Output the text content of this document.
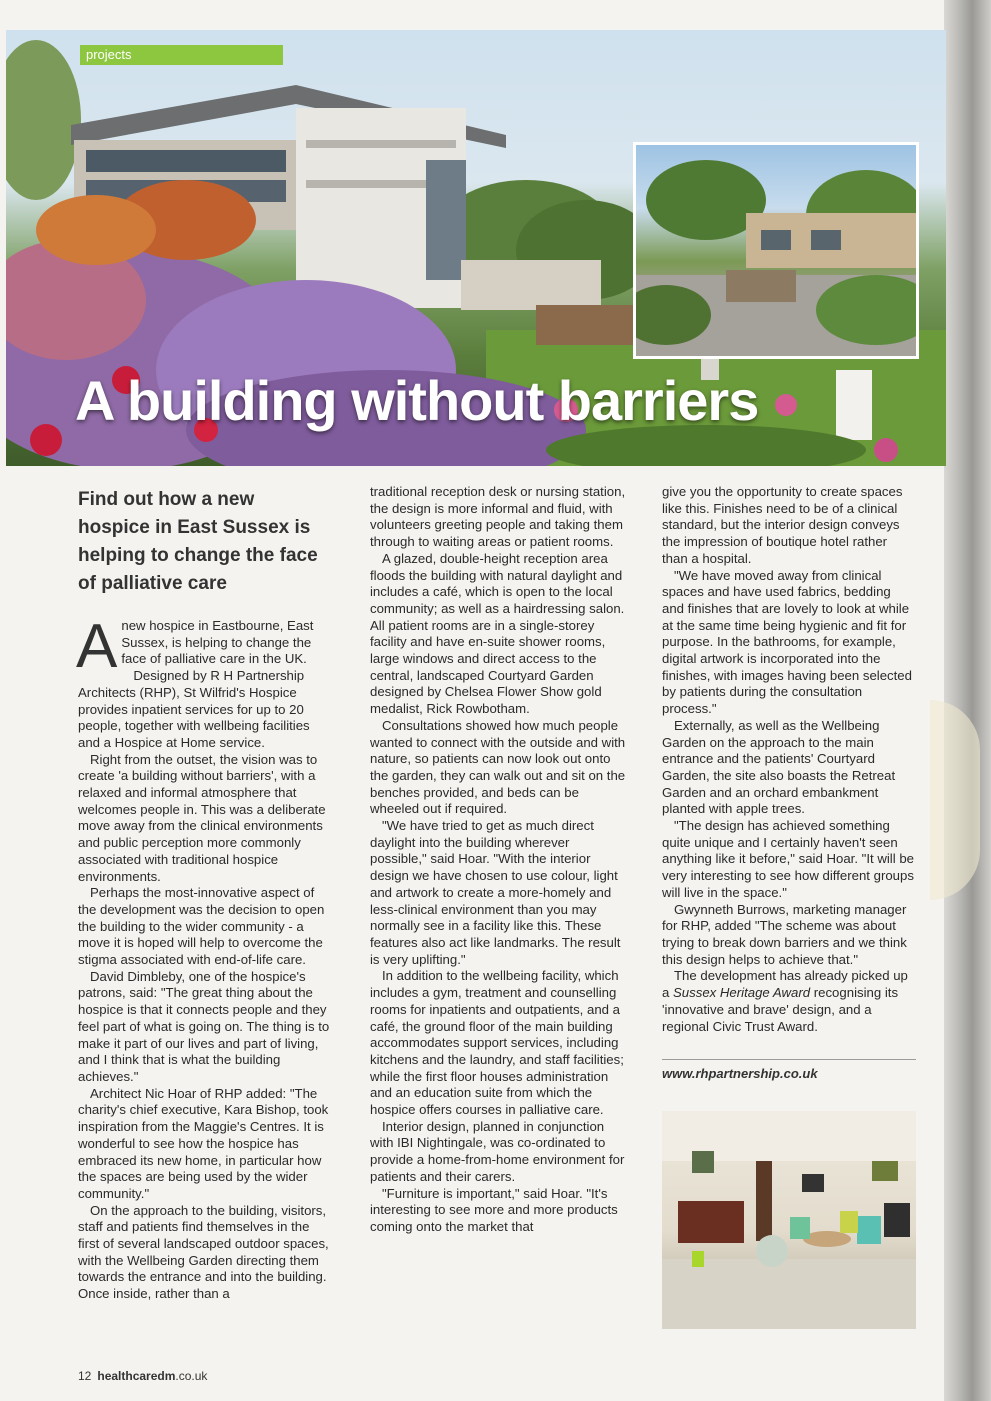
projects
A building without barriers
Find out how a new hospice in East Sussex is helping to change the face of palliative care

Anew hospice in Eastbourne, East Sussex, is helping to change the face of palliative care in the UK.

Designed by R H Partnership Architects (RHP), St Wilfrid's Hospice provides inpatient services for up to 20 people, together with wellbeing facilities and a Hospice at Home service.

Right from the outset, the vision was to create 'a building without barriers', with a relaxed and informal atmosphere that welcomes people in. This was a deliberate move away from the clinical environments and public perception more commonly associated with traditional hospice environments.

Perhaps the most-innovative aspect of the development was the decision to open the building to the wider community - a move it is hoped will help to overcome the stigma associated with end-of-life care.

David Dimbleby, one of the hospice's patrons, said: "The great thing about the hospice is that it connects people and they feel part of what is going on. The thing is to make it part of our lives and part of living, and I think that is what the building achieves."

Architect Nic Hoar of RHP added: "The charity's chief executive, Kara Bishop, took inspiration from the Maggie's Centres. It is wonderful to see how the hospice has embraced its new home, in particular how the spaces are being used by the wider community."

On the approach to the building, visitors, staff and patients find themselves in the first of several landscaped outdoor spaces, with the Wellbeing Garden directing them towards the entrance and into the building. Once inside, rather than a

traditional reception desk or nursing station, the design is more informal and fluid, with volunteers greeting people and taking them through to waiting areas or patient rooms.

A glazed, double-height reception area floods the building with natural daylight and includes a café, which is open to the local community; as well as a hairdressing salon. All patient rooms are in a single-storey facility and have en-suite shower rooms, large windows and direct access to the central, landscaped Courtyard Garden designed by Chelsea Flower Show gold medalist, Rick Rowbotham.

Consultations showed how much people wanted to connect with the outside and with nature, so patients can now look out onto the garden, they can walk out and sit on the benches provided, and beds can be wheeled out if required.

"We have tried to get as much direct daylight into the building wherever possible," said Hoar. "With the interior design we have chosen to use colour, light and artwork to create a more-homely and less-clinical environment than you may normally see in a facility like this. These features also act like landmarks. The result is very uplifting."

In addition to the wellbeing facility, which includes a gym, treatment and counselling rooms for inpatients and outpatients, and a café, the ground floor of the main building accommodates support services, including kitchens and the laundry, and staff facilities; while the first floor houses administration and an education suite from which the hospice offers courses in palliative care.

Interior design, planned in conjunction with IBI Nightingale, was co-ordinated to provide a home-from-home environment for patients and their carers.

"Furniture is important," said Hoar. "It's interesting to see more and more products coming onto the market that

give you the opportunity to create spaces like this. Finishes need to be of a clinical standard, but the interior design conveys the impression of boutique hotel rather than a hospital.

"We have moved away from clinical spaces and have used fabrics, bedding and finishes that are lovely to look at while at the same time being hygienic and fit for purpose. In the bathrooms, for example, digital artwork is incorporated into the finishes, with images having been selected by patients during the consultation process."

Externally, as well as the Wellbeing Garden on the approach to the main entrance and the patients' Courtyard Garden, the site also boasts the Retreat Garden and an orchard embankment planted with apple trees.

"The design has achieved something quite unique and I certainly haven't seen anything like it before," said Hoar. "It will be very interesting to see how different groups will live in the space."

Gwynneth Burrows, marketing manager for RHP, added "The scheme was about trying to break down barriers and we think this design helps to achieve that."

The development has already picked up a Sussex Heritage Award recognising its 'innovative and brave' design, and a regional Civic Trust Award.

www.rhpartnership.co.uk
12 healthcaredm.co.uk
